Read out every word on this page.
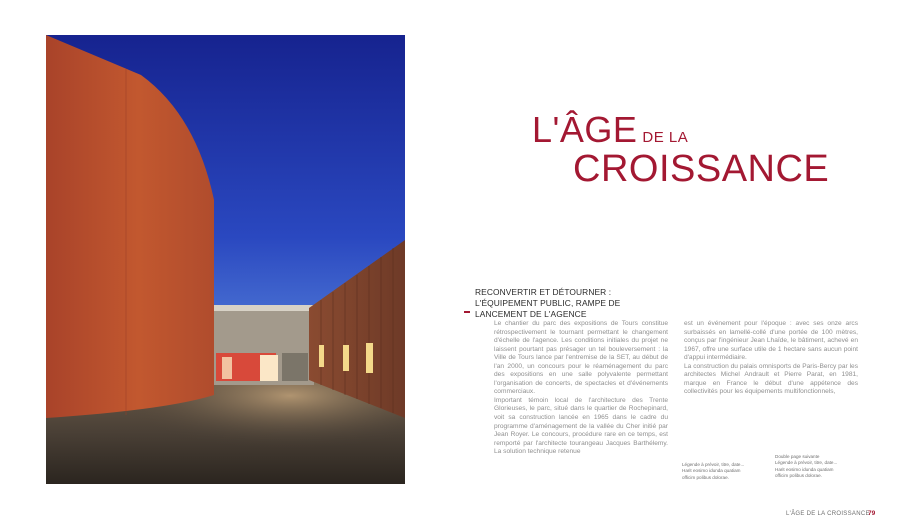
L'ÂGE DE LA
CROISSANCE
RECONVERTIR ET DÉTOURNER : L'ÉQUIPEMENT PUBLIC, RAMPE DE LANCEMENT DE L'AGENCE

Le chantier du parc des expositions de Tours constitue rétrospectivement le tournant permettant le changement d'échelle de l'agence. Les conditions initiales du projet ne laissent pourtant pas présager un tel bouleversement : la Ville de Tours lance par l'entremise de la SET, au début de l'an 2000, un concours pour le réaménagement du parc des expositions en une salle polyvalente permettant l'organisation de concerts, de spectacles et d'événements commerciaux.

Important témoin local de l'architecture des Trente Glorieuses, le parc, situé dans le quartier de Rochepinard, voit sa construction lancée en 1965 dans le cadre du programme d'aménagement de la vallée du Cher initié par Jean Royer. Le concours, procédure rare en ce temps, est remporté par l'architecte tourangeau Jacques Barthélemy. La solution technique retenue

est un événement pour l'époque : avec ses onze arcs surbaissés en lamellé-collé d'une portée de 100 mètres, conçus par l'ingénieur Jean Lhaïde, le bâtiment, achevé en 1967, offre une surface utile de 1 hectare sans aucun point d'appui intermédiaire.

La construction du palais omnisports de Paris-Bercy par les architectes Michel Andrault et Pierre Parat, en 1981, marque en France le début d'une appétence des collectivités pour les équipements multifonctionnels,

Légende à prévoir, titre, date...

Harit eosimo idunda quatiam

officim polibus dolorae.

Double page suivante

Légende à prévoir, titre, date...

Harit eosimo idunda quatiam

officim polibus dolorae.

L'ÂGE DE LA CROISSANCE
79
